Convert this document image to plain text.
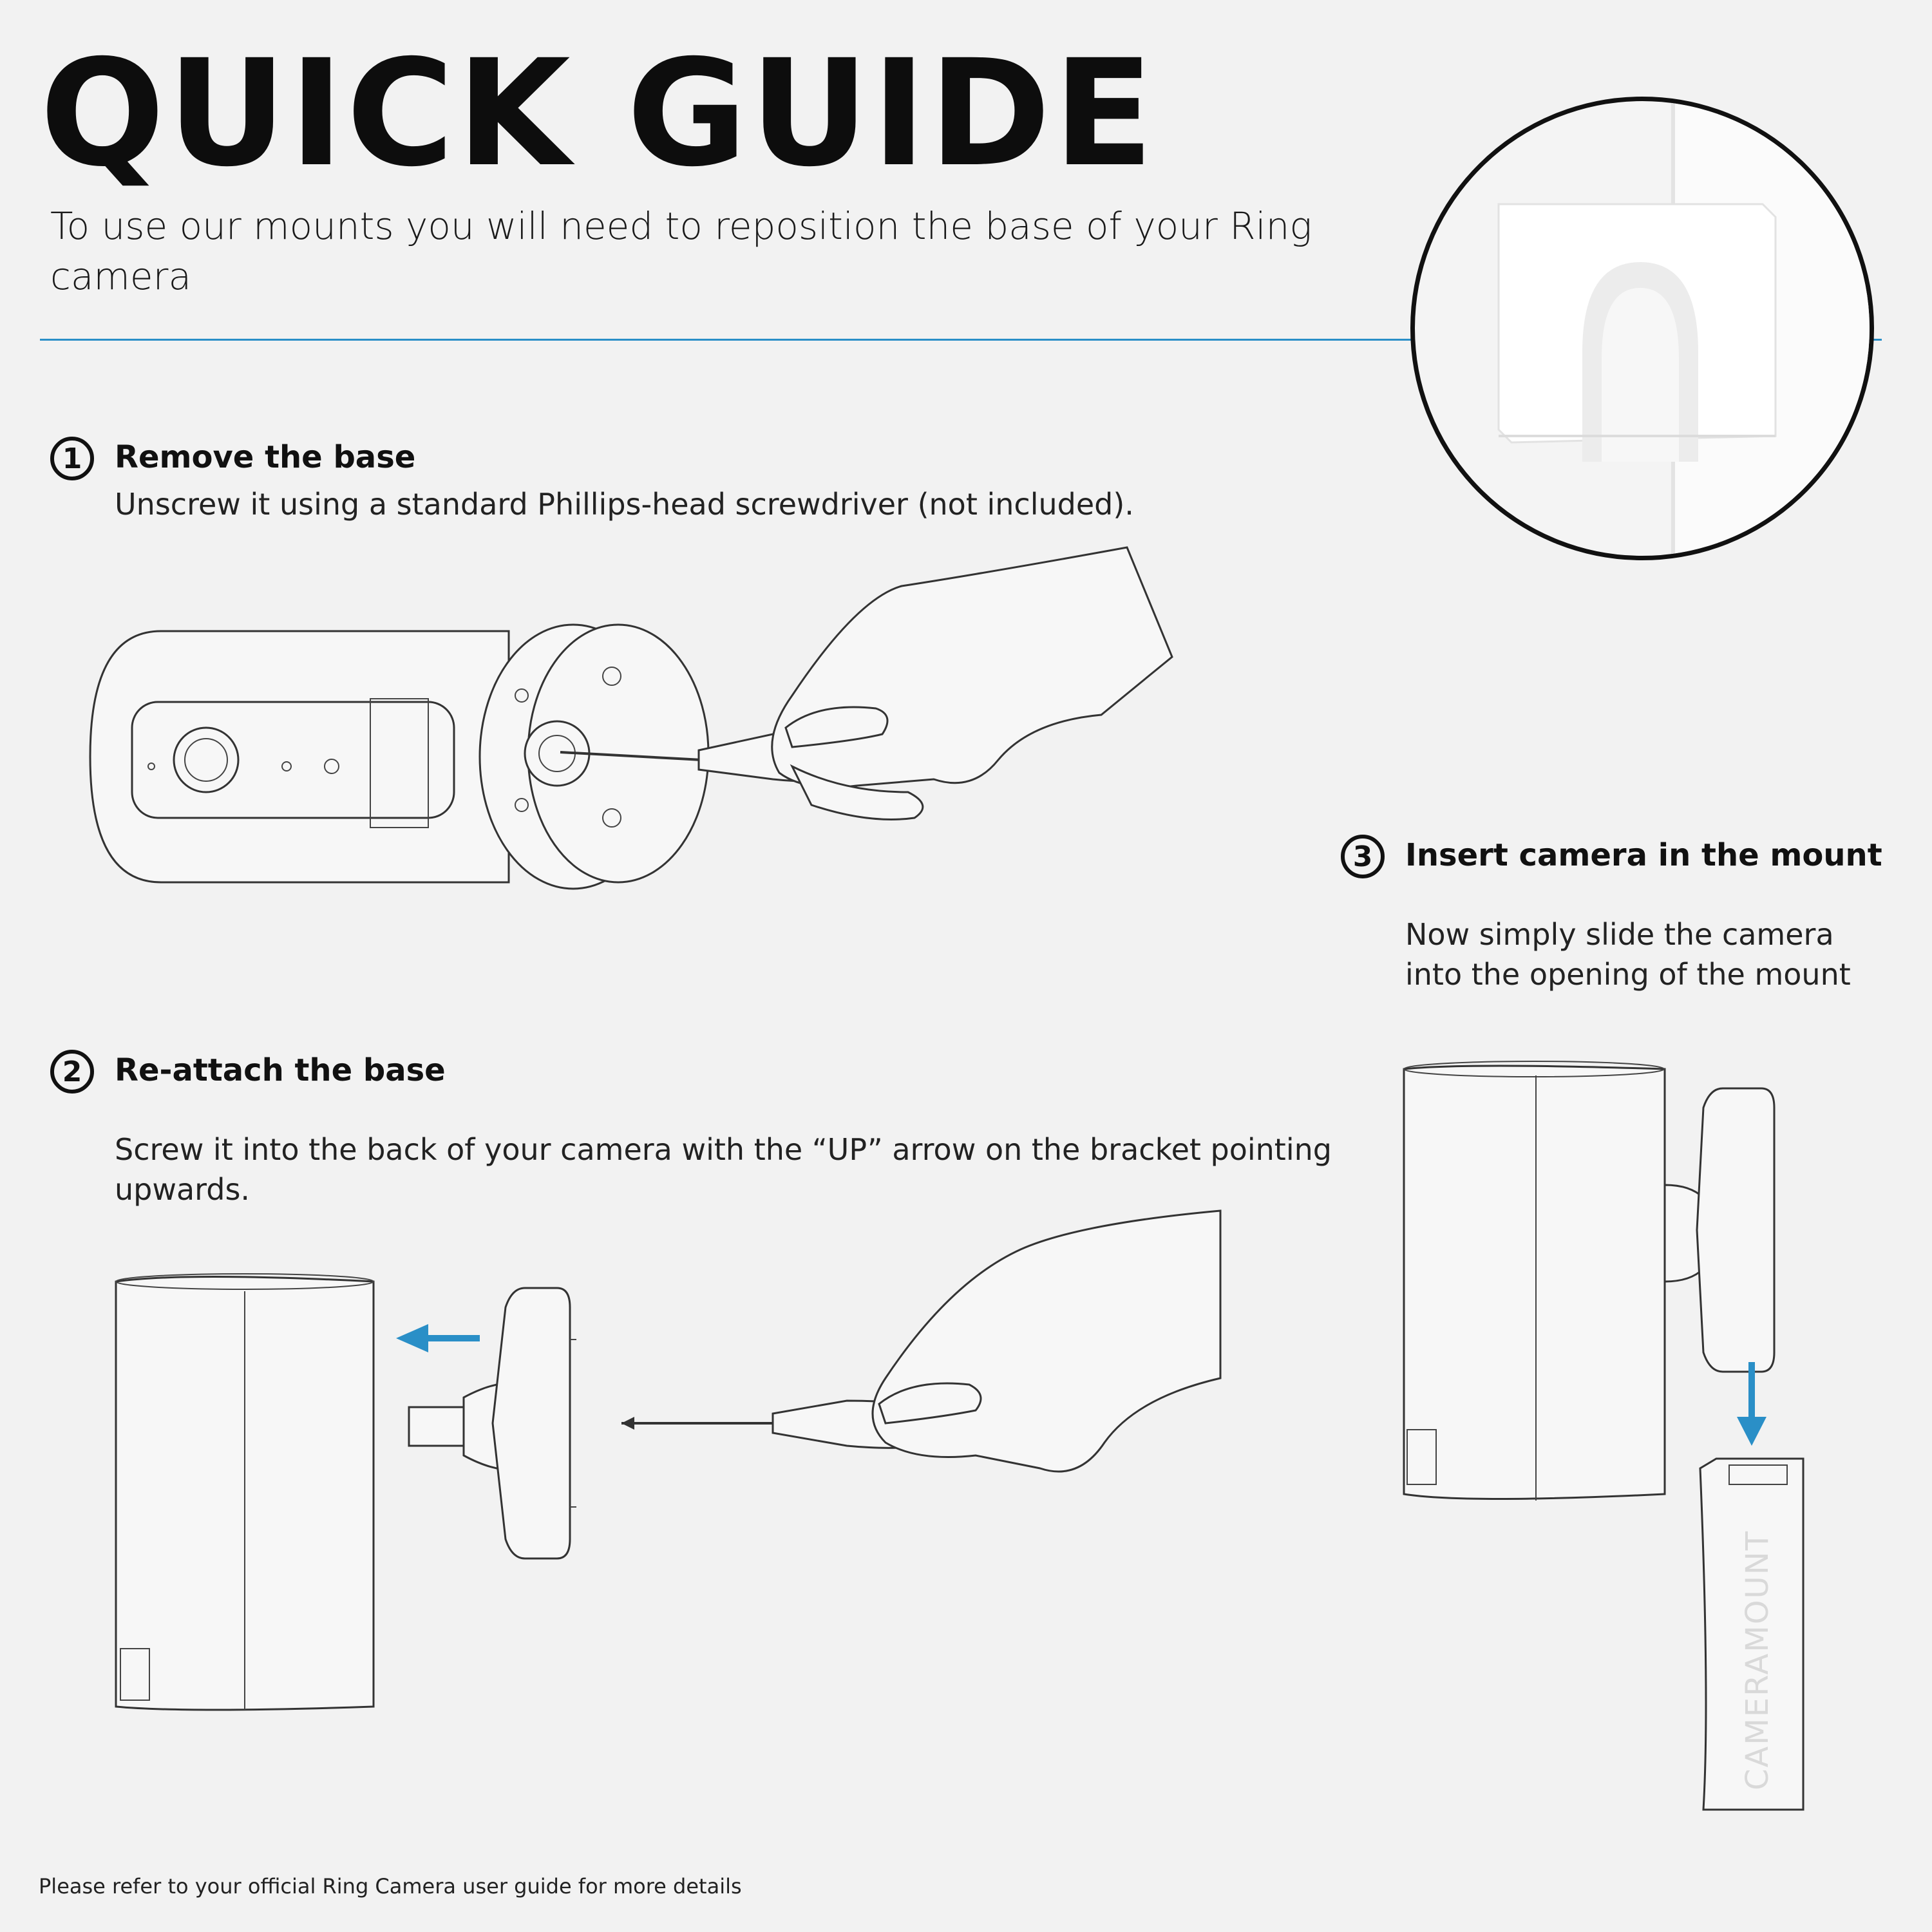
QUICK GUIDE
To use our mounts you will need to reposition the base of your Ring camera
1	Remove the base
Unscrew it using a standard Phillips-head screwdriver (not included).
2	Re-attach the base
Screw it into the back of your camera with the “UP” arrow on the bracket pointing upwards.
3	Insert camera in the mount
Now simply slide the camera into the opening of the mount
CAMERAMOUNT
Please refer to your official Ring Camera user guide for more details
